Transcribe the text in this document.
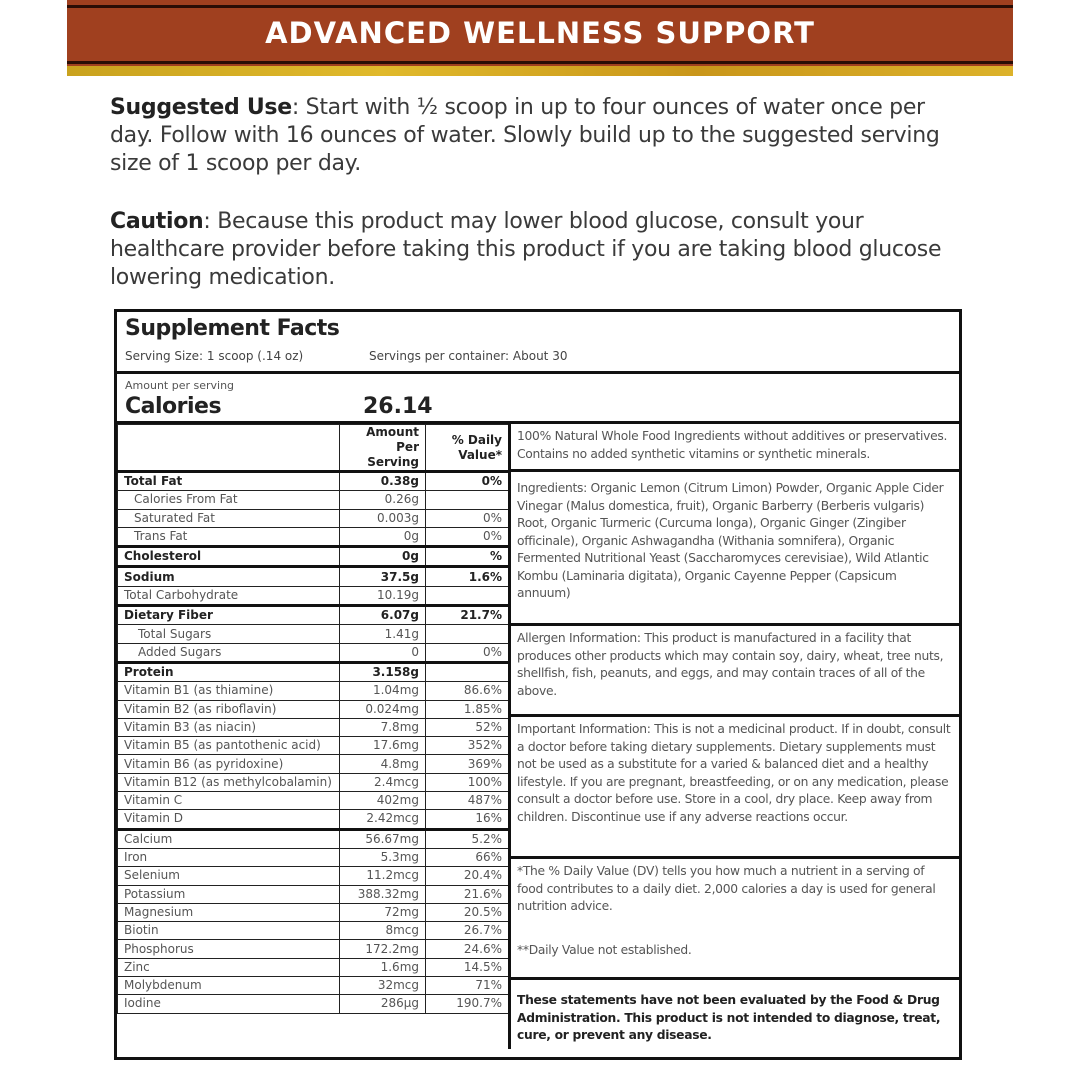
ADVANCED WELLNESS SUPPORT
Suggested Use: Start with ½ scoop in up to four ounces of water once per day. Follow with 16 ounces of water. Slowly build up to the suggested serving size of 1 scoop per day.
Caution: Because this product may lower blood glucose, consult your healthcare provider before taking this product if you are taking blood glucose lowering medication.
Supplement Facts
Serving Size: 1 scoop (.14 oz)	Servings per container: About 30
Amount per serving
Calories	26.14
	Amount Per Serving	% Daily Value*
Total Fat	0.38g	0%
Calories From Fat	0.26g	
Saturated Fat	0.003g	0%
Trans Fat	0g	0%
Cholesterol	0g	%
Sodium	37.5g	1.6%
Total Carbohydrate	10.19g	
Dietary Fiber	6.07g	21.7%
Total Sugars	1.41g	
Added Sugars	0	0%
Protein	3.158g	
Vitamin B1 (as thiamine)	1.04mg	86.6%
Vitamin B2 (as riboflavin)	0.024mg	1.85%
Vitamin B3 (as niacin)	7.8mg	52%
Vitamin B5 (as pantothenic acid)	17.6mg	352%
Vitamin B6 (as pyridoxine)	4.8mg	369%
Vitamin B12 (as methylcobalamin)	2.4mcg	100%
Vitamin C	402mg	487%
Vitamin D	2.42mcg	16%
Calcium	56.67mg	5.2%
Iron	5.3mg	66%
Selenium	11.2mcg	20.4%
Potassium	388.32mg	21.6%
Magnesium	72mg	20.5%
Biotin	8mcg	26.7%
Phosphorus	172.2mg	24.6%
Zinc	1.6mg	14.5%
Molybdenum	32mcg	71%
Iodine	286µg	190.7%
100% Natural Whole Food Ingredients without additives or preservatives. Contains no added synthetic vitamins or synthetic minerals.
Ingredients: Organic Lemon (Citrum Limon) Powder, Organic Apple Cider Vinegar (Malus domestica, fruit), Organic Barberry (Berberis vulgaris) Root, Organic Turmeric (Curcuma longa), Organic Ginger (Zingiber officinale), Organic Ashwagandha (Withania somnifera), Organic Fermented Nutritional Yeast (Saccharomyces cerevisiae), Wild Atlantic Kombu (Laminaria digitata), Organic Cayenne Pepper (Capsicum annuum)
Allergen Information: This product is manufactured in a facility that produces other products which may contain soy, dairy, wheat, tree nuts, shellfish, fish, peanuts, and eggs, and may contain traces of all of the above.
Important Information: This is not a medicinal product. If in doubt, consult a doctor before taking dietary supplements. Dietary supplements must not be used as a substitute for a varied & balanced diet and a healthy lifestyle. If you are pregnant, breastfeeding, or on any medication, please consult a doctor before use. Store in a cool, dry place. Keep away from children. Discontinue use if any adverse reactions occur.
*The % Daily Value (DV) tells you how much a nutrient in a serving of food contributes to a daily diet. 2,000 calories a day is used for general nutrition advice.
**Daily Value not established.
These statements have not been evaluated by the Food & Drug Administration. This product is not intended to diagnose, treat, cure, or prevent any disease.
